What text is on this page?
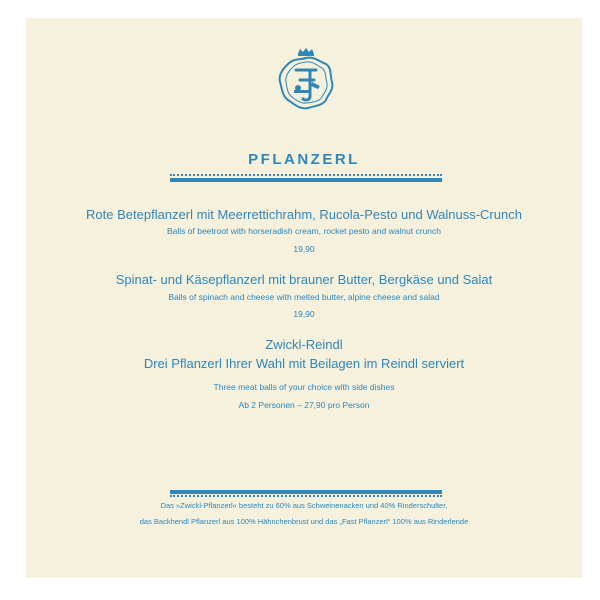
PFLANZERL
Rote Betepflanzerl mit Meerrettichrahm, Rucola-Pesto und Walnuss-Crunch
Balls of beetroot with horseradish cream, rocket pesto and walnut crunch
19,90
Spinat- und Käsepflanzerl mit brauner Butter, Bergkäse und Salat
Balls of spinach and cheese with melted butter, alpine cheese and salad
19,90
Zwickl-Reindl
Drei Pflanzerl Ihrer Wahl mit Beilagen im Reindl serviert
Three meat balls of your choice with side dishes
Ab 2 Personen – 27,90 pro Person
Das »Zwickl-Pflanzerl« besteht zu 60% aus Schweinenacken und 40% Rinderschulter,
das Backhendl Pflanzerl aus 100% Hähnchenbrust und das „Fast Pflanzerl“ 100% aus Rinderlende
